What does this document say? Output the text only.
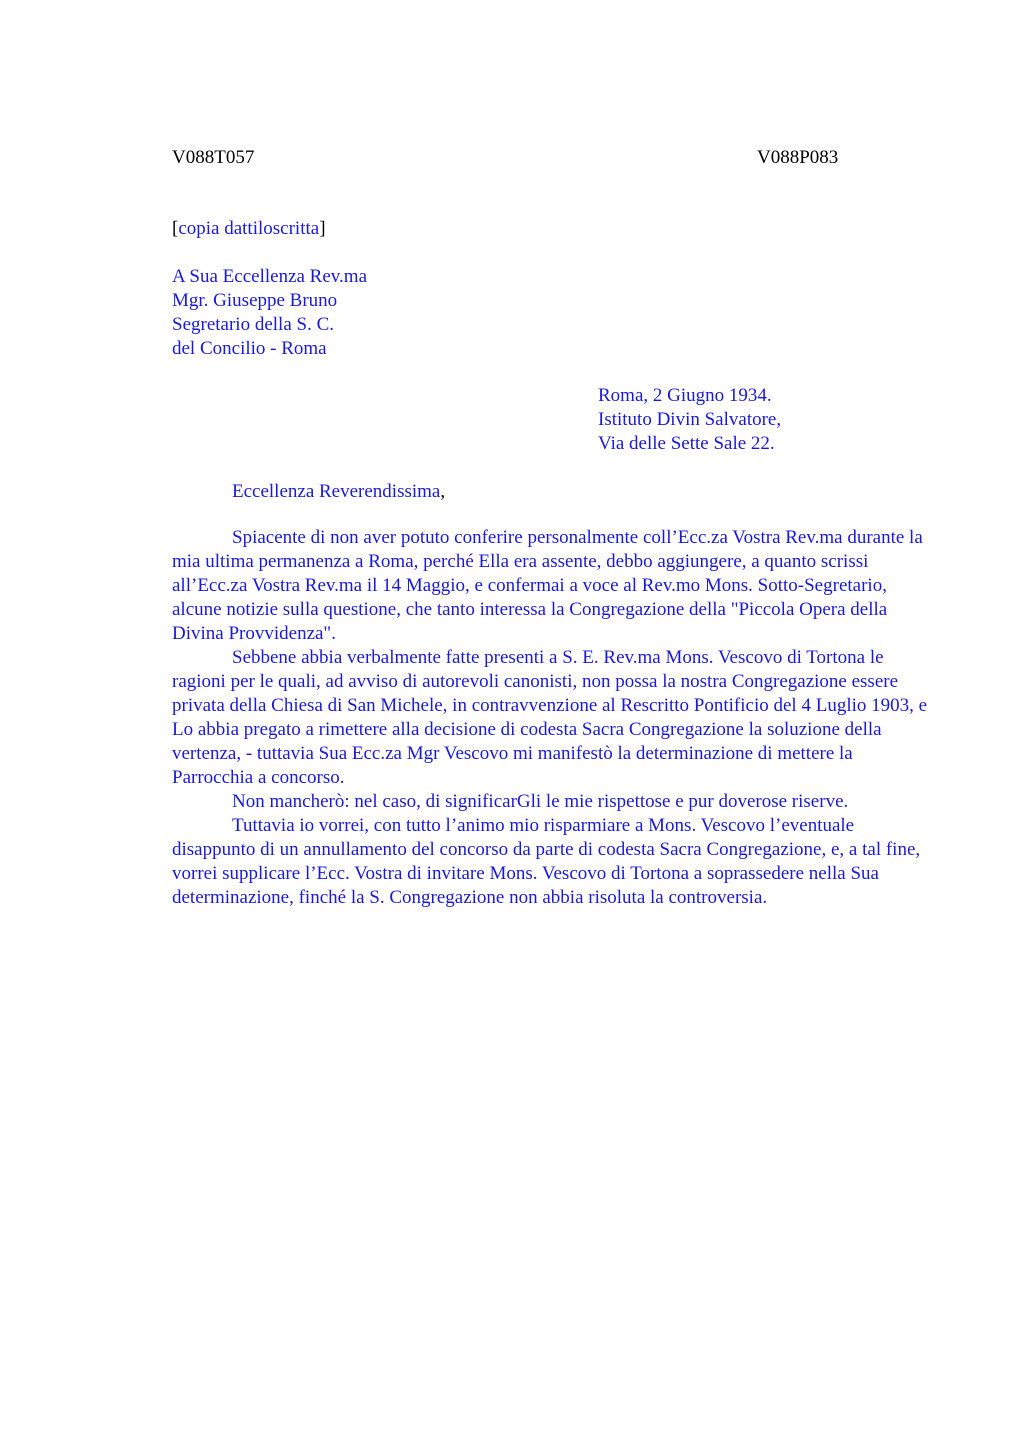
V088T057	V088P083
[copia dattiloscritta]
A Sua Eccellenza Rev.ma
Mgr. Giuseppe Bruno
Segretario della S. C.
del Concilio - Roma
Roma, 2 Giugno 1934.
Istituto Divin Salvatore,
Via delle Sette Sale 22.
Eccellenza Reverendissima,

Spiacente di non aver potuto conferire personalmente coll’Ecc.za Vostra Rev.ma durante la mia ultima permanenza a Roma, perché Ella era assente, debbo aggiungere, a quanto scrissi all’Ecc.za Vostra Rev.ma il 14 Maggio, e confermai a voce al Rev.mo Mons. Sotto-Segretario, alcune notizie sulla questione, che tanto interessa la Congregazione della "Piccola Opera della Divina Provvidenza".

Sebbene abbia verbalmente fatte presenti a S. E. Rev.ma Mons. Vescovo di Tortona le ragioni per le quali, ad avviso di autorevoli canonisti, non possa la nostra Congregazione essere privata della Chiesa di San Michele, in contravvenzione al Rescritto Pontificio del 4 Luglio 1903, e Lo abbia pregato a rimettere alla decisione di codesta Sacra Congregazione la soluzione della vertenza, - tuttavia Sua Ecc.za Mgr Vescovo mi manifestò la determinazione di mettere la Parrocchia a concorso.

Non mancherò: nel caso, di significarGli le mie rispettose e pur doverose riserve.

Tuttavia io vorrei, con tutto l’animo mio risparmiare a Mons. Vescovo l’eventuale disappunto di un annullamento del concorso da parte di codesta Sacra Congregazione, e, a tal fine, vorrei supplicare l’Ecc. Vostra di invitare Mons. Vescovo di Tortona a soprassedere nella Sua determinazione, finché la S. Congregazione non abbia risoluta la controversia.
